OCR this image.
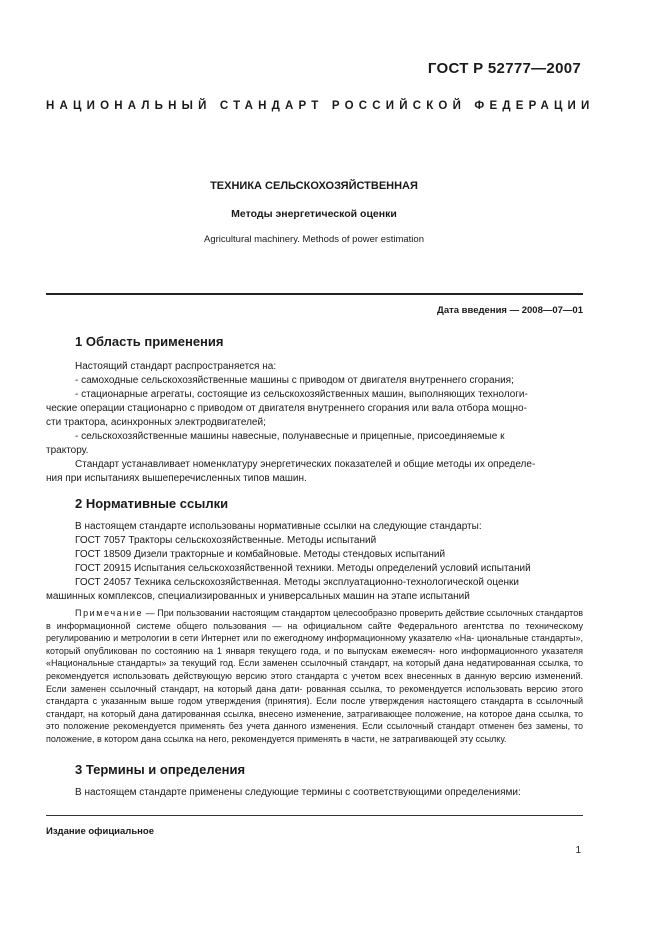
ГОСТ Р 52777—2007
НАЦИОНАЛЬНЫЙ СТАНДАРТ РОССИЙСКОЙ ФЕДЕРАЦИИ
ТЕХНИКА СЕЛЬСКОХОЗЯЙСТВЕННАЯ
Методы энергетической оценки
Agricultural machinery. Methods of power estimation
Дата введения — 2008—07—01
1 Область применения
Настоящий стандарт распространяется на:
- самоходные сельскохозяйственные машины с приводом от двигателя внутреннего сгорания;
- стационарные агрегаты, состоящие из сельскохозяйственных машин, выполняющих технологи-
ческие операции стационарно с приводом от двигателя внутреннего сгорания или вала отбора мощно-
сти трактора, асинхронных электродвигателей;
- сельскохозяйственные машины навесные, полунавесные и прицепные, присоединяемые к
трактору.
Стандарт устанавливает номенклатуру энергетических показателей и общие методы их определе-
ния при испытаниях вышеперечисленных типов машин.
2 Нормативные ссылки
В настоящем стандарте использованы нормативные ссылки на следующие стандарты:
ГОСТ 7057 Тракторы сельскохозяйственные. Методы испытаний
ГОСТ 18509 Дизели тракторные и комбайновые. Методы стендовых испытаний
ГОСТ 20915 Испытания сельскохозяйственной техники. Методы определений условий испытаний
ГОСТ 24057 Техника сельскохозяйственная. Методы эксплуатационно-технологической оценки
машинных комплексов, специализированных и универсальных машин на этапе испытаний
Примечание — При пользовании настоящим стандартом целесообразно проверить действие ссылочных стандартов в информационной системе общего пользования — на официальном сайте Федерального агентства по техническому регулированию и метрологии в сети Интернет или по ежегодному информационному указателю «На- циональные стандарты», который опубликован по состоянию на 1 января текущего года, и по выпускам ежемесяч- ного информационного указателя «Национальные стандарты» за текущий год. Если заменен ссылочный стандарт, на который дана недатированная ссылка, то рекомендуется использовать действующую версию этого стандарта с учетом всех внесенных в данную версию изменений. Если заменен ссылочный стандарт, на который дана дати- рованная ссылка, то рекомендуется использовать версию этого стандарта с указанным выше годом утверждения (принятия). Если после утверждения настоящего стандарта в ссылочный стандарт, на который дана датированная ссылка, внесено изменение, затрагивающее положение, на которое дана ссылка, то это положение рекомендуется применять без учета данного изменения. Если ссылочный стандарт отменен без замены, то положение, в котором дана ссылка на него, рекомендуется применять в части, не затрагивающей эту ссылку.
3 Термины и определения
В настоящем стандарте применены следующие термины с соответствующими определениями:
Издание официальное
1
